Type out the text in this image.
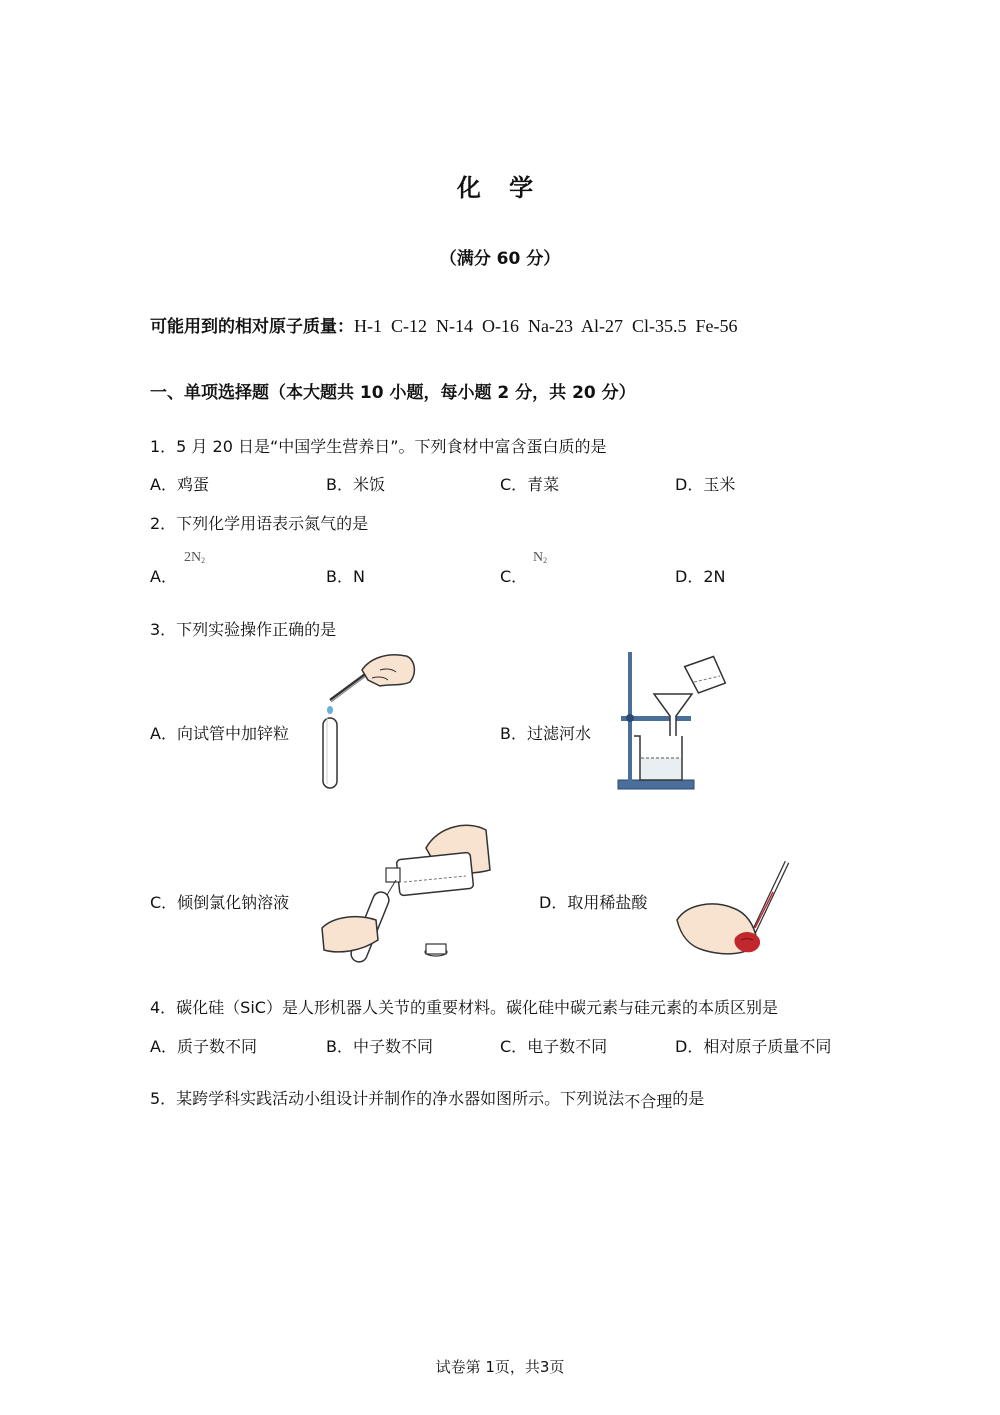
化 学
（满分 60 分）
可能用到的相对原子质量：H-1  C-12  N-14  O-16  Na-23  Al-27  Cl-35.5  Fe-56
一、单项选择题（本大题共 10 小题，每小题 2 分，共 20 分）
1．5 月 20 日是“中国学生营养日”。下列食材中富含蛋白质的是
A．鸡蛋	B．米饭	C．青菜	D．玉米
2．下列化学用语表示氮气的是
A．
$2N_2$
B．N	C．
$N_2$
D．2N
3．下列实验操作正确的是
A．向试管中加锌粒	B．过滤河水
C．倾倒氯化钠溶液	D．取用稀盐酸
4．碳化硅（SiC）是人形机器人关节的重要材料。碳化硅中碳元素与硅元素的本质区别是
A．质子数不同	B．中子数不同	C．电子数不同	D．相对原子质量不同
5．某跨学科实践活动小组设计并制作的净水器如图所示。下列说法不合理的是
试卷第 1页，共3页
